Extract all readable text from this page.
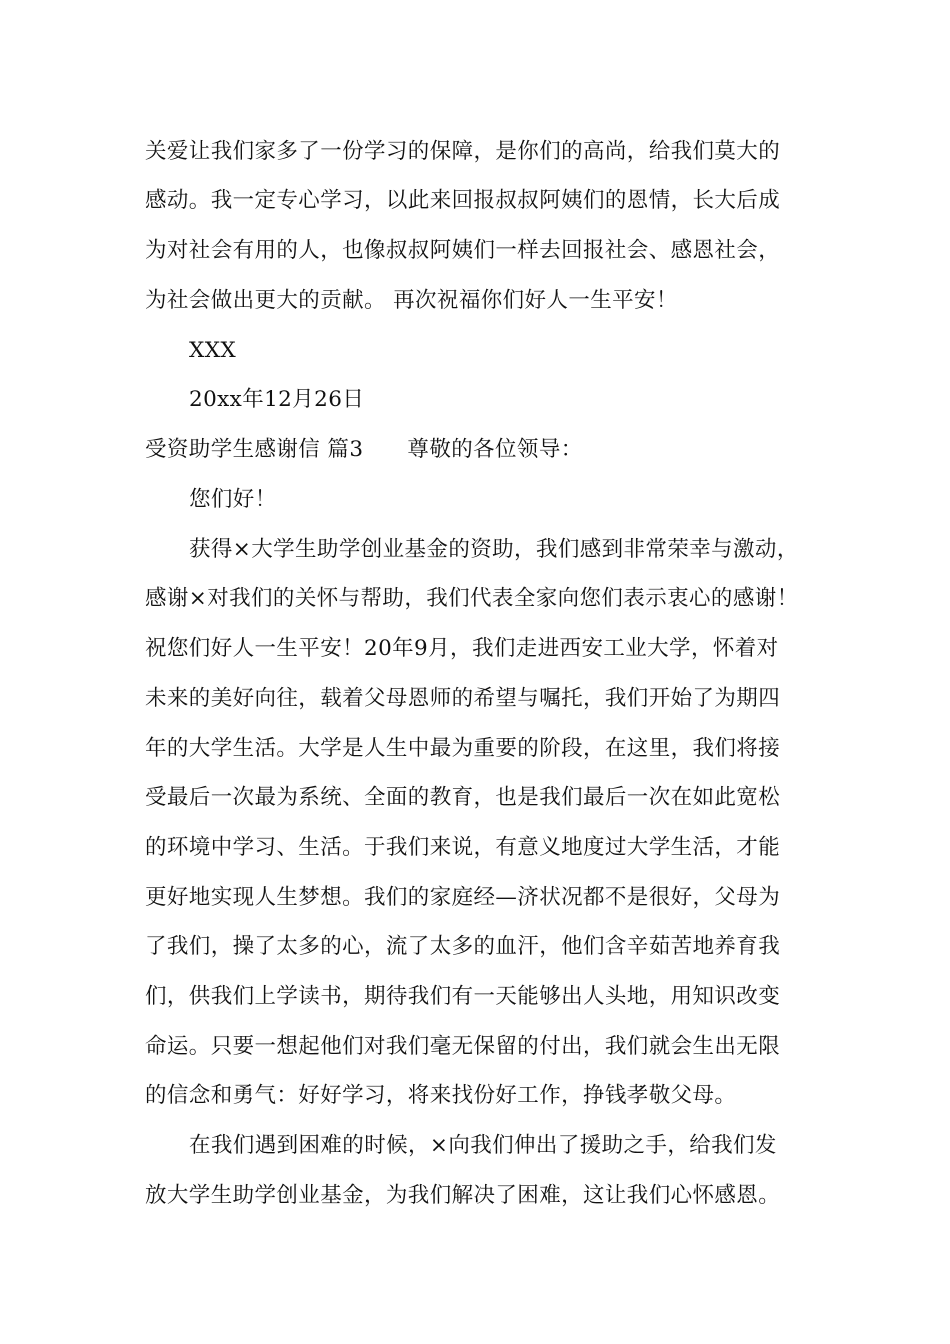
关爱让我们家多了一份学习的保障，是你们的高尚，给我们莫大的
感动。我一定专心学习，以此来回报叔叔阿姨们的恩情，长大后成
为对社会有用的人，也像叔叔阿姨们一样去回报社会、感恩社会，
为社会做出更大的贡献。 再次祝福你们好人一生平安！
XXX
20xx年12月26日
受资助学生感谢信 篇3 尊敬的各位领导：
您们好！
获得×大学生助学创业基金的资助，我们感到非常荣幸与激动，
感谢×对我们的关怀与帮助，我们代表全家向您们表示衷心的感谢！
祝您们好人一生平安！20年9月，我们走进西安工业大学，怀着对
未来的美好向往，载着父母恩师的希望与嘱托，我们开始了为期四
年的大学生活。大学是人生中最为重要的阶段，在这里，我们将接
受最后一次最为系统、全面的教育，也是我们最后一次在如此宽松
的环境中学习、生活。于我们来说，有意义地度过大学生活，才能
更好地实现人生梦想。我们的家庭经—济状况都不是很好，父母为
了我们，操了太多的心，流了太多的血汗，他们含辛茹苦地养育我
们，供我们上学读书，期待我们有一天能够出人头地，用知识改变
命运。只要一想起他们对我们毫无保留的付出，我们就会生出无限
的信念和勇气：好好学习，将来找份好工作，挣钱孝敬父母。
在我们遇到困难的时候，×向我们伸出了援助之手，给我们发
放大学生助学创业基金，为我们解决了困难，这让我们心怀感恩。
